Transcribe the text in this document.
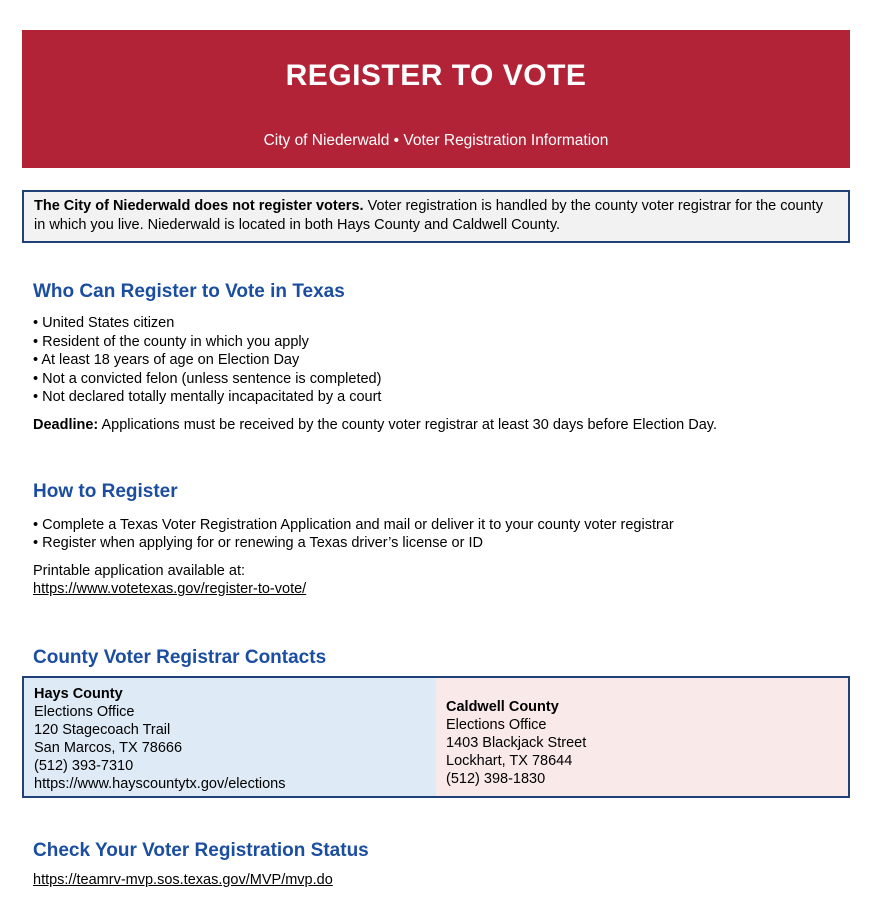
REGISTER TO VOTE
City of Niederwald • Voter Registration Information
The City of Niederwald does not register voters. Voter registration is handled by the county voter registrar for the county in which you live. Niederwald is located in both Hays County and Caldwell County.
Who Can Register to Vote in Texas
• United States citizen
• Resident of the county in which you apply
• At least 18 years of age on Election Day
• Not a convicted felon (unless sentence is completed)
• Not declared totally mentally incapacitated by a court
Deadline: Applications must be received by the county voter registrar at least 30 days before Election Day.
How to Register
• Complete a Texas Voter Registration Application and mail or deliver it to your county voter registrar
• Register when applying for or renewing a Texas driver’s license or ID
Printable application available at:
https://www.votetexas.gov/register-to-vote/
County Voter Registrar Contacts
Hays County
Elections Office
120 Stagecoach Trail
San Marcos, TX 78666
(512) 393-7310
https://www.hayscountytx.gov/elections
Caldwell County
Elections Office
1403 Blackjack Street
Lockhart, TX 78644
(512) 398-1830
Check Your Voter Registration Status
https://teamrv-mvp.sos.texas.gov/MVP/mvp.do
